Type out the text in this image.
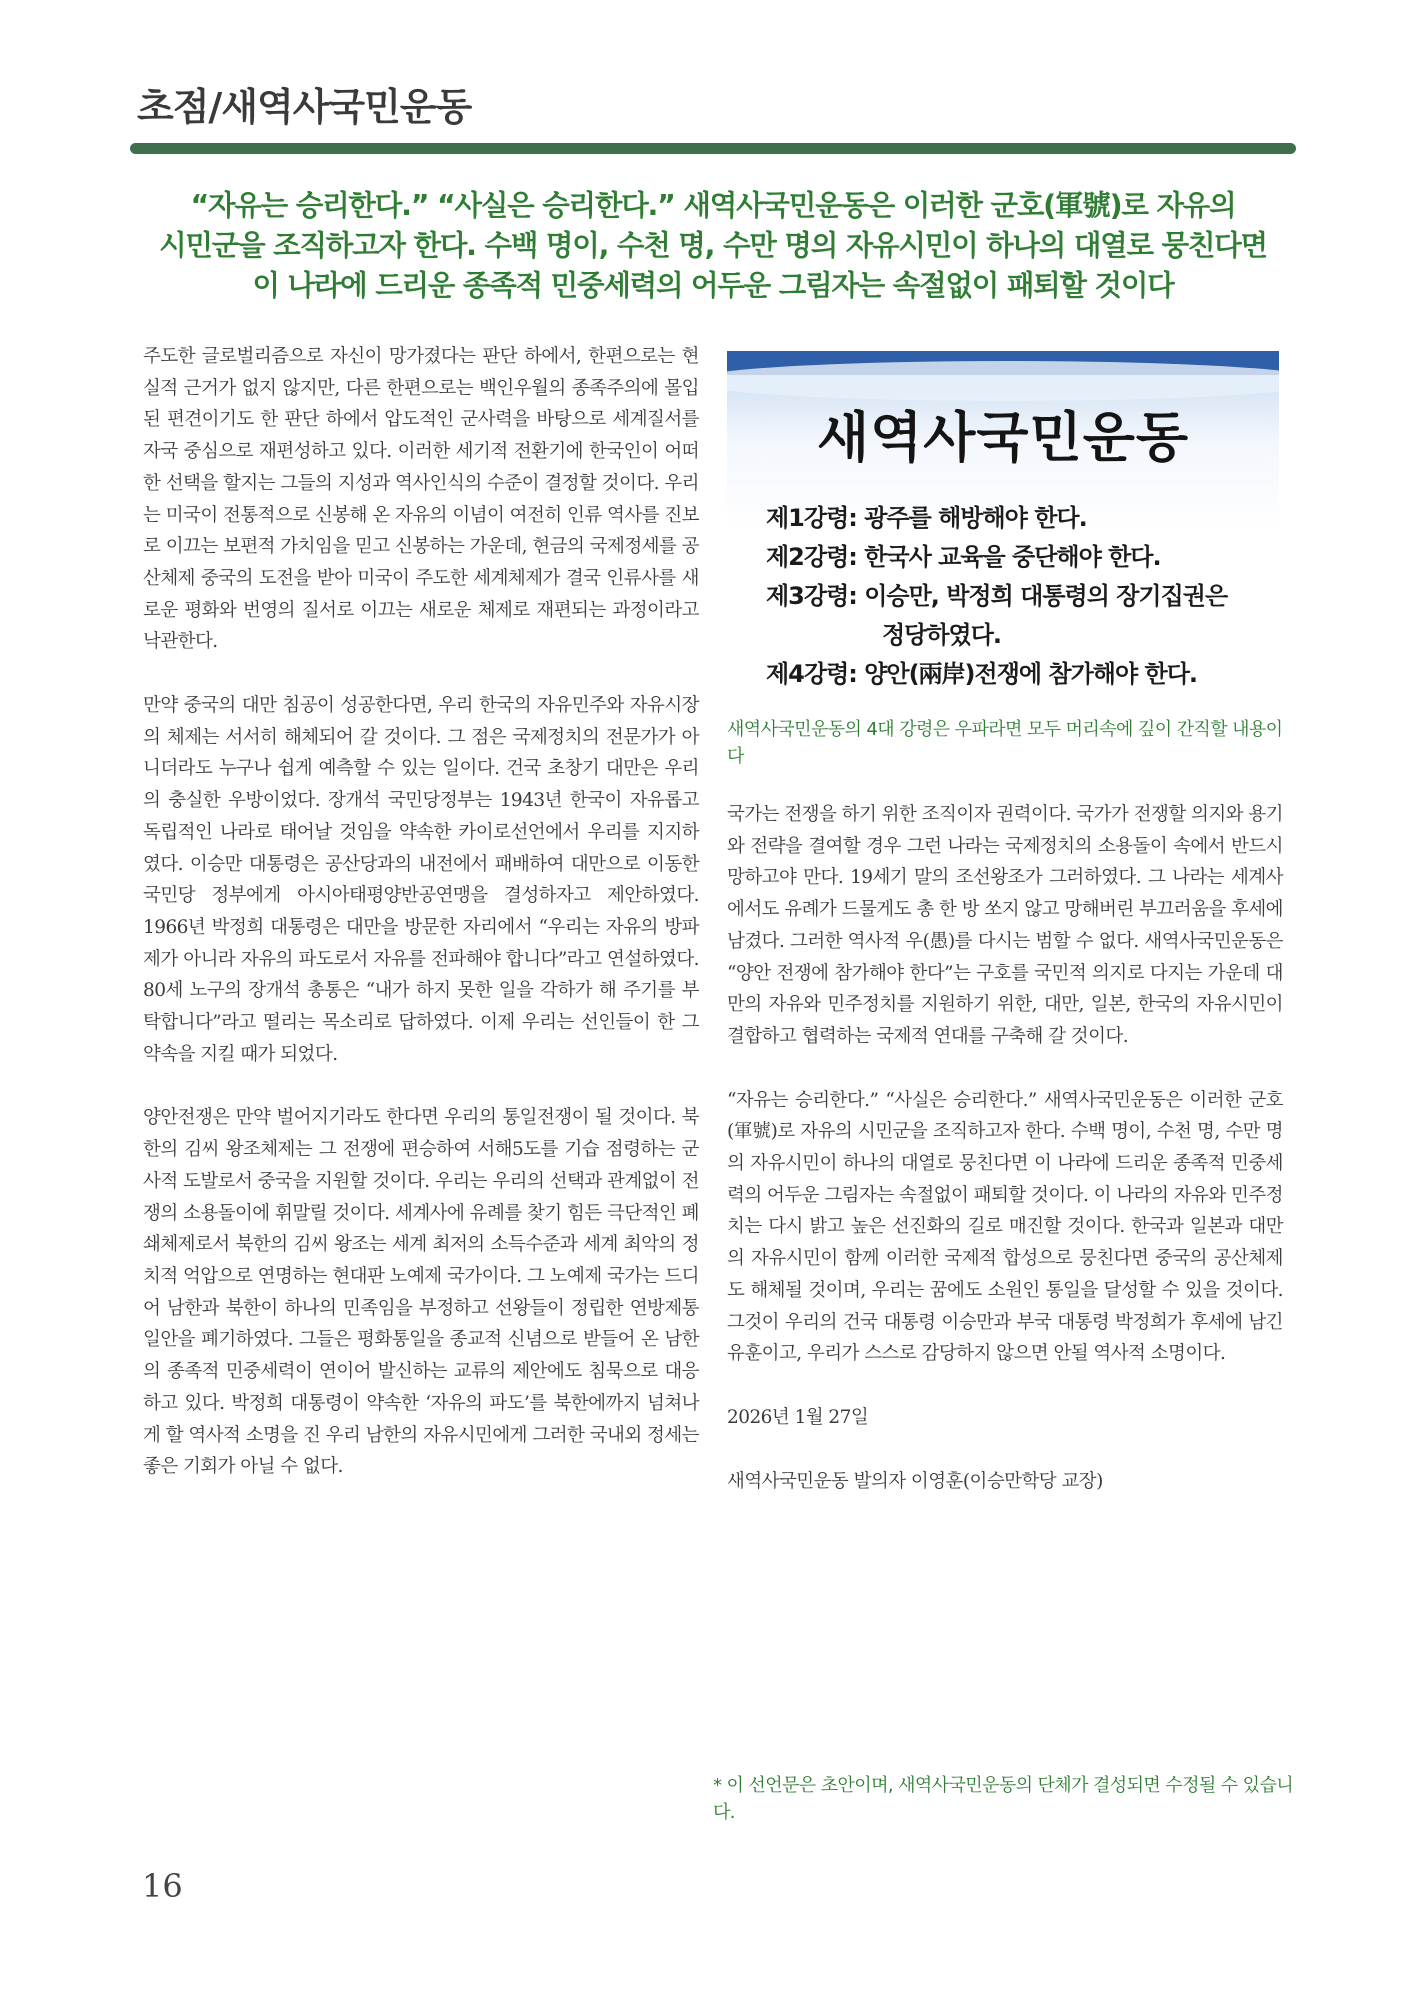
초점/새역사국민운동
“자유는 승리한다.” “사실은 승리한다.” 새역사국민운동은 이러한 군호(軍號)로 자유의
시민군을 조직하고자 한다. 수백 명이, 수천 명, 수만 명의 자유시민이 하나의 대열로 뭉친다면
이 나라에 드리운 종족적 민중세력의 어두운 그림자는 속절없이 패퇴할 것이다

주도한 글로벌리즘으로 자신이 망가졌다는 판단 하에서, 한편으로는 현실적 근거가 없지 않지만, 다른 한편으로는 백인우월의 종족주의에 몰입된 편견이기도 한 판단 하에서 압도적인 군사력을 바탕으로 세계질서를 자국 중심으로 재편성하고 있다. 이러한 세기적 전환기에 한국인이 어떠한 선택을 할지는 그들의 지성과 역사인식의 수준이 결정할 것이다. 우리는 미국이 전통적으로 신봉해 온 자유의 이념이 여전히 인류 역사를 진보로 이끄는 보편적 가치임을 믿고 신봉하는 가운데, 현금의 국제정세를 공산체제 중국의 도전을 받아 미국이 주도한 세계체제가 결국 인류사를 새로운 평화와 번영의 질서로 이끄는 새로운 체제로 재편되는 과정이라고 낙관한다.

만약 중국의 대만 침공이 성공한다면, 우리 한국의 자유민주와 자유시장의 체제는 서서히 해체되어 갈 것이다. 그 점은 국제정치의 전문가가 아니더라도 누구나 쉽게 예측할 수 있는 일이다. 건국 초창기 대만은 우리의 충실한 우방이었다. 장개석 국민당정부는 1943년 한국이 자유롭고 독립적인 나라로 태어날 것임을 약속한 카이로선언에서 우리를 지지하였다. 이승만 대통령은 공산당과의 내전에서 패배하여 대만으로 이동한 국민당 정부에게 아시아태평양반공연맹을 결성하자고 제안하였다. 1966년 박정희 대통령은 대만을 방문한 자리에서 “우리는 자유의 방파제가 아니라 자유의 파도로서 자유를 전파해야 합니다”라고 연설하였다. 80세 노구의 장개석 총통은 “내가 하지 못한 일을 각하가 해 주기를 부탁합니다”라고 떨리는 목소리로 답하였다. 이제 우리는 선인들이 한 그 약속을 지킬 때가 되었다.

양안전쟁은 만약 벌어지기라도 한다면 우리의 통일전쟁이 될 것이다. 북한의 김씨 왕조체제는 그 전쟁에 편승하여 서해5도를 기습 점령하는 군사적 도발로서 중국을 지원할 것이다. 우리는 우리의 선택과 관계없이 전쟁의 소용돌이에 휘말릴 것이다. 세계사에 유례를 찾기 힘든 극단적인 폐쇄체제로서 북한의 김씨 왕조는 세계 최저의 소득수준과 세계 최악의 정치적 억압으로 연명하는 현대판 노예제 국가이다. 그 노예제 국가는 드디어 남한과 북한이 하나의 민족임을 부정하고 선왕들이 정립한 연방제통일안을 폐기하였다. 그들은 평화통일을 종교적 신념으로 받들어 온 남한의 종족적 민중세력이 연이어 발신하는 교류의 제안에도 침묵으로 대응하고 있다. 박정희 대통령이 약속한 ‘자유의 파도’를 북한에까지 넘쳐나게 할 역사적 소명을 진 우리 남한의 자유시민에게 그러한 국내외 정세는 좋은 기회가 아닐 수 없다.

새역사국민운동
제1강령: 광주를 해방해야 한다.
제2강령: 한국사 교육을 중단해야 한다.
제3강령: 이승만, 박정희 대통령의 장기집권은
정당하였다.
제4강령: 양안(兩岸)전쟁에 참가해야 한다.

새역사국민운동의 4대 강령은 우파라면 모두 머리속에 깊이 간직할 내용이다

국가는 전쟁을 하기 위한 조직이자 권력이다. 국가가 전쟁할 의지와 용기와 전략을 결여할 경우 그런 나라는 국제정치의 소용돌이 속에서 반드시 망하고야 만다. 19세기 말의 조선왕조가 그러하였다. 그 나라는 세계사에서도 유례가 드물게도 총 한 방 쏘지 않고 망해버린 부끄러움을 후세에 남겼다. 그러한 역사적 우(愚)를 다시는 범할 수 없다. 새역사국민운동은 “양안 전쟁에 참가해야 한다”는 구호를 국민적 의지로 다지는 가운데 대만의 자유와 민주정치를 지원하기 위한, 대만, 일본, 한국의 자유시민이 결합하고 협력하는 국제적 연대를 구축해 갈 것이다.

“자유는 승리한다.” “사실은 승리한다.” 새역사국민운동은 이러한 군호(軍號)로 자유의 시민군을 조직하고자 한다. 수백 명이, 수천 명, 수만 명의 자유시민이 하나의 대열로 뭉친다면 이 나라에 드리운 종족적 민중세력의 어두운 그림자는 속절없이 패퇴할 것이다. 이 나라의 자유와 민주정치는 다시 밝고 높은 선진화의 길로 매진할 것이다. 한국과 일본과 대만의 자유시민이 함께 이러한 국제적 합성으로 뭉친다면 중국의 공산체제도 해체될 것이며, 우리는 꿈에도 소원인 통일을 달성할 수 있을 것이다. 그것이 우리의 건국 대통령 이승만과 부국 대통령 박정희가 후세에 남긴 유훈이고, 우리가 스스로 감당하지 않으면 안될 역사적 소명이다.

2026년 1월 27일

새역사국민운동 발의자 이영훈(이승만학당 교장)

* 이 선언문은 초안이며, 새역사국민운동의 단체가 결성되면 수정될 수 있습니다.

16
